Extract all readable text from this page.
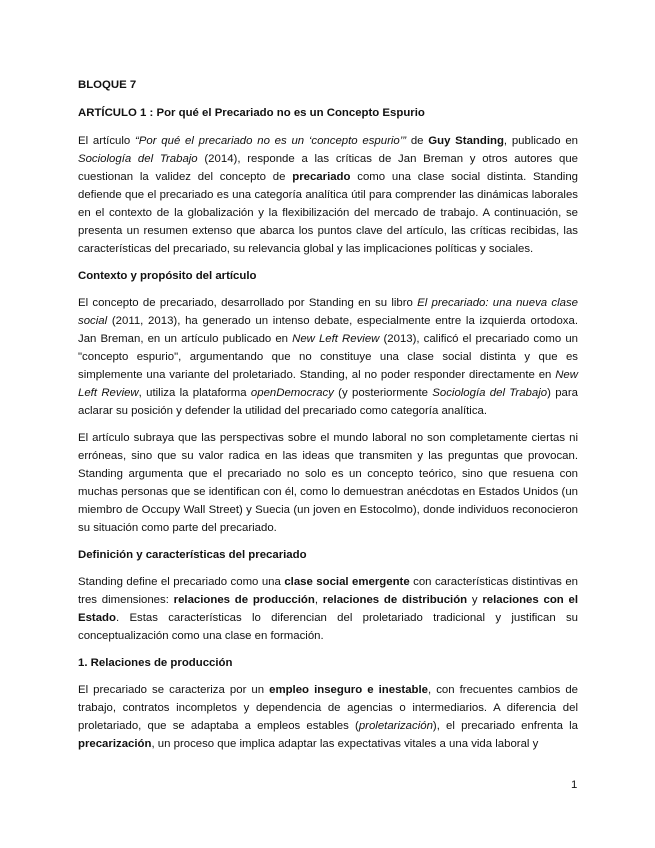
BLOQUE 7
ARTÍCULO 1 : Por qué el Precariado no es un Concepto Espurio

El artículo “Por qué el precariado no es un ‘concepto espurio’” de Guy Standing, publicado en Sociología del Trabajo (2014), responde a las críticas de Jan Breman y otros autores que cuestionan la validez del concepto de precariado como una clase social distinta. Standing defiende que el precariado es una categoría analítica útil para comprender las dinámicas laborales en el contexto de la globalización y la flexibilización del mercado de trabajo. A continuación, se presenta un resumen extenso que abarca los puntos clave del artículo, las críticas recibidas, las características del precariado, su relevancia global y las implicaciones políticas y sociales.

Contexto y propósito del artículo

El concepto de precariado, desarrollado por Standing en su libro El precariado: una nueva clase social (2011, 2013), ha generado un intenso debate, especialmente entre la izquierda ortodoxa. Jan Breman, en un artículo publicado en New Left Review (2013), calificó el precariado como un "concepto espurio", argumentando que no constituye una clase social distinta y que es simplemente una variante del proletariado. Standing, al no poder responder directamente en New Left Review, utiliza la plataforma openDemocracy (y posteriormente Sociología del Trabajo) para aclarar su posición y defender la utilidad del precariado como categoría analítica.

El artículo subraya que las perspectivas sobre el mundo laboral no son completamente ciertas ni erróneas, sino que su valor radica en las ideas que transmiten y las preguntas que provocan. Standing argumenta que el precariado no solo es un concepto teórico, sino que resuena con muchas personas que se identifican con él, como lo demuestran anécdotas en Estados Unidos (un miembro de Occupy Wall Street) y Suecia (un joven en Estocolmo), donde individuos reconocieron su situación como parte del precariado.

Definición y características del precariado

Standing define el precariado como una clase social emergente con características distintivas en tres dimensiones: relaciones de producción, relaciones de distribución y relaciones con el Estado. Estas características lo diferencian del proletariado tradicional y justifican su conceptualización como una clase en formación.

1. Relaciones de producción

El precariado se caracteriza por un empleo inseguro e inestable, con frecuentes cambios de trabajo, contratos incompletos y dependencia de agencias o intermediarios. A diferencia del proletariado, que se adaptaba a empleos estables (proletarización), el precariado enfrenta la precarización, un proceso que implica adaptar las expectativas vitales a una vida laboral y

1
